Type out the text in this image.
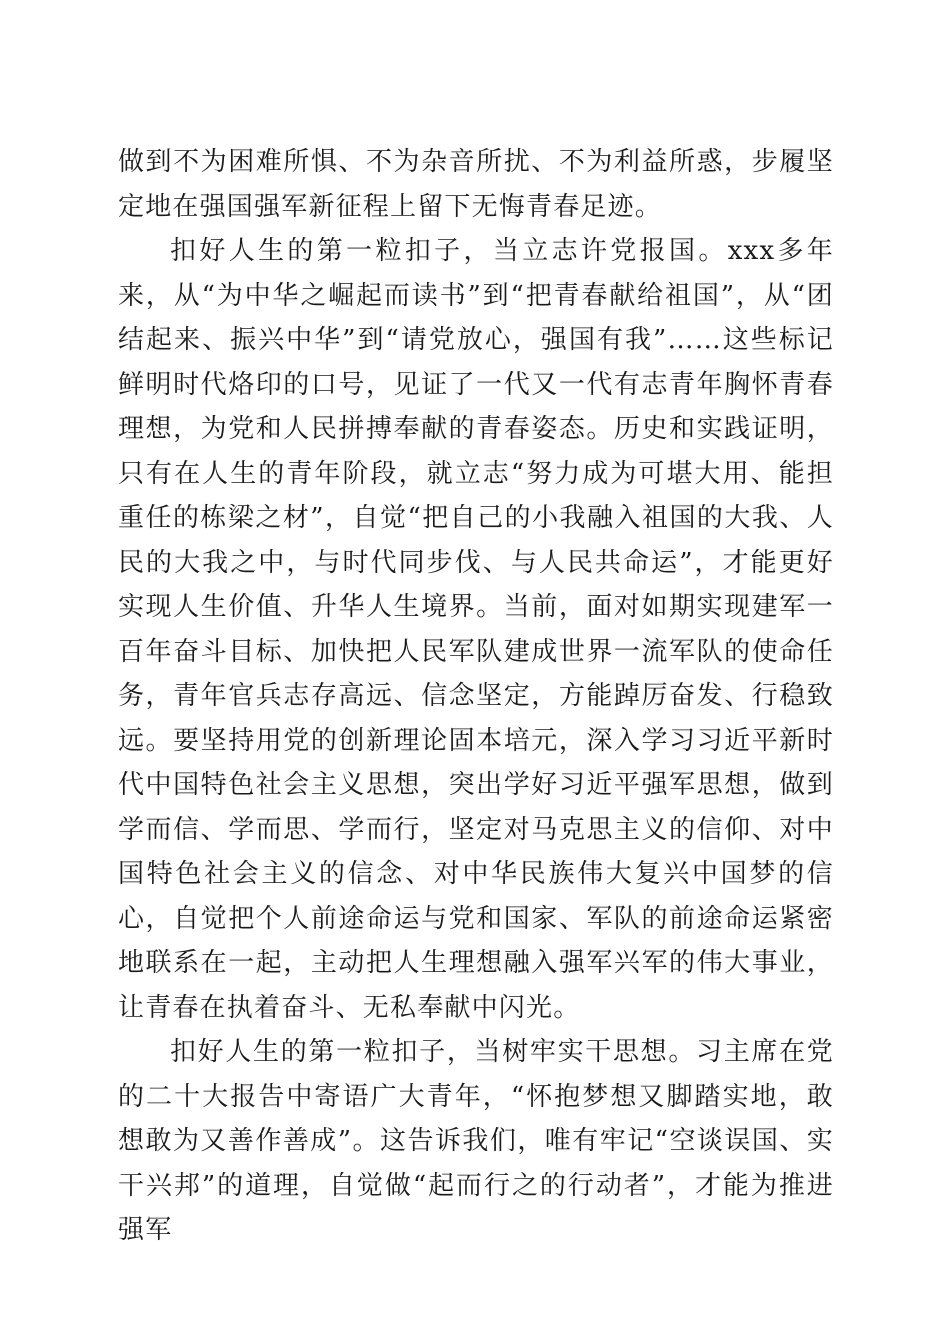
做到不为困难所惧、不为杂音所扰、不为利益所惑，步履坚定地在强国强军新征程上留下无悔青春足迹。

扣好人生的第一粒扣子，当立志许党报国。xxx多年来，从“为中华之崛起而读书”到“把青春献给祖国”，从“团结起来、振兴中华”到“请党放心，强国有我”……这些标记鲜明时代烙印的口号，见证了一代又一代有志青年胸怀青春理想，为党和人民拼搏奉献的青春姿态。历史和实践证明，只有在人生的青年阶段，就立志“努力成为可堪大用、能担重任的栋梁之材”，自觉“把自己的小我融入祖国的大我、人民的大我之中，与时代同步伐、与人民共命运”，才能更好实现人生价值、升华人生境界。当前，面对如期实现建军一百年奋斗目标、加快把人民军队建成世界一流军队的使命任务，青年官兵志存高远、信念坚定，方能踔厉奋发、行稳致远。要坚持用党的创新理论固本培元，深入学习习近平新时代中国特色社会主义思想，突出学好习近平强军思想，做到学而信、学而思、学而行，坚定对马克思主义的信仰、对中国特色社会主义的信念、对中华民族伟大复兴中国梦的信心，自觉把个人前途命运与党和国家、军队的前途命运紧密地联系在一起，主动把人生理想融入强军兴军的伟大事业，让青春在执着奋斗、无私奉献中闪光。

扣好人生的第一粒扣子，当树牢实干思想。习主席在党的二十大报告中寄语广大青年，“怀抱梦想又脚踏实地，敢想敢为又善作善成”。这告诉我们，唯有牢记“空谈误国、实干兴邦”的道理，自觉做“起而行之的行动者”，才能为推进强军
